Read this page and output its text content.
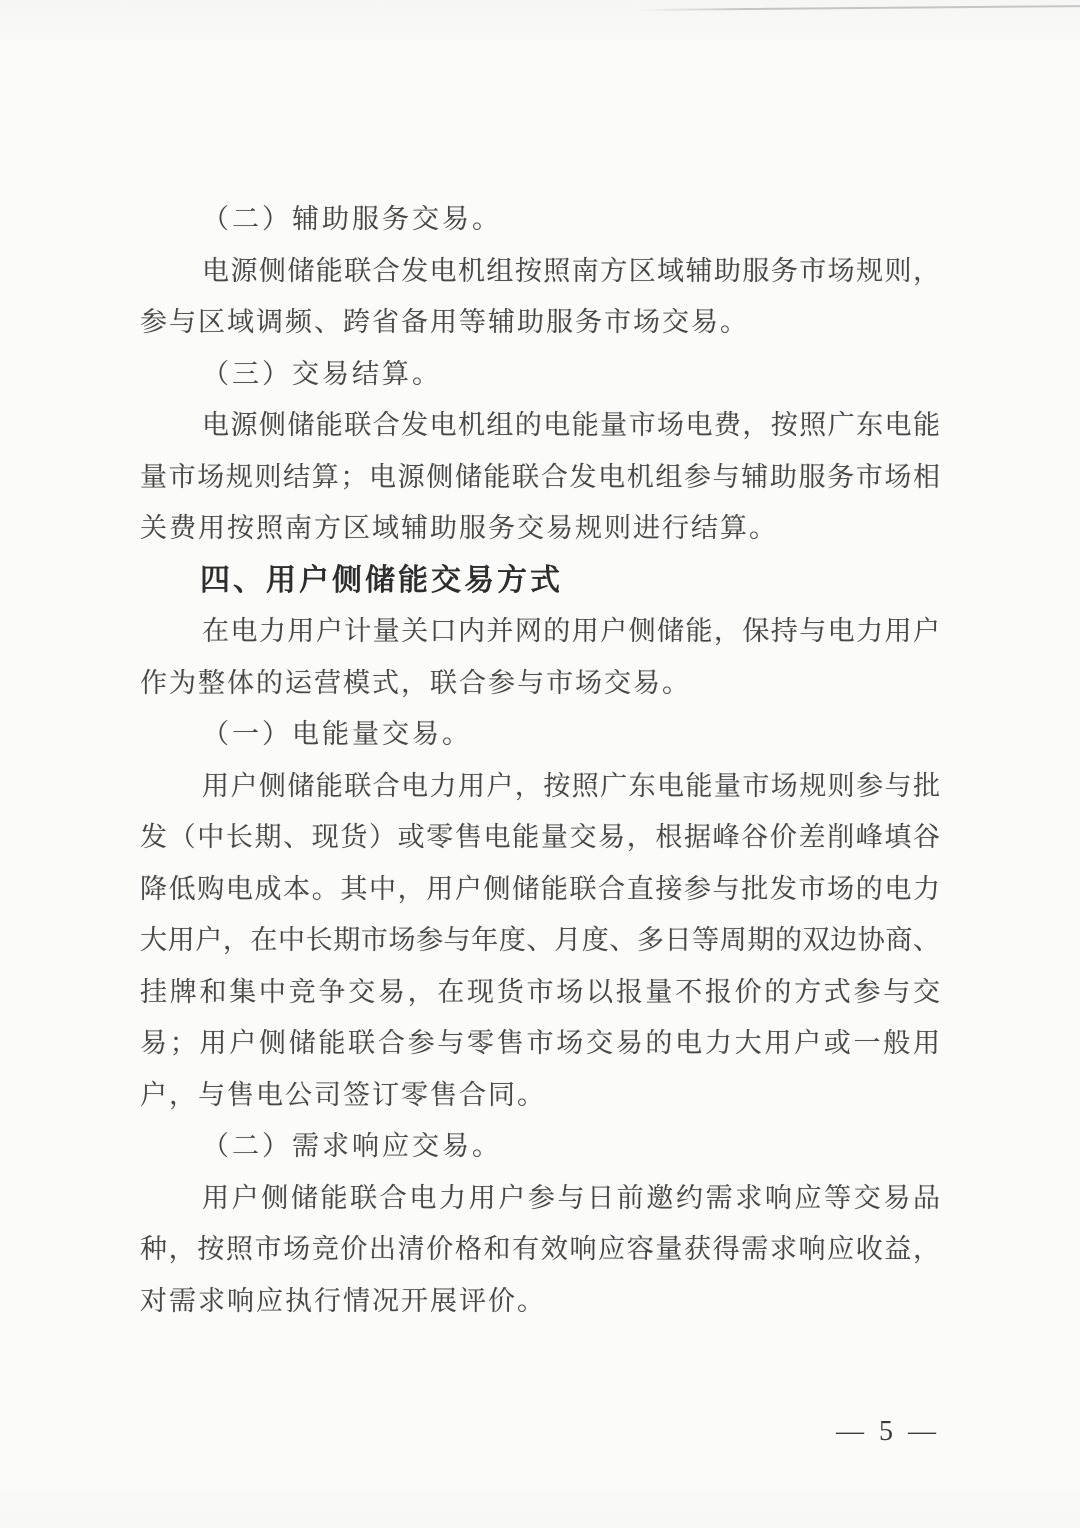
（二）辅助服务交易。
电源侧储能联合发电机组按照南方区域辅助服务市场规则，
参与区域调频、跨省备用等辅助服务市场交易。
（三）交易结算。
电源侧储能联合发电机组的电能量市场电费，按照广东电能
量市场规则结算；电源侧储能联合发电机组参与辅助服务市场相
关费用按照南方区域辅助服务交易规则进行结算。
四、用户侧储能交易方式
在电力用户计量关口内并网的用户侧储能，保持与电力用户
作为整体的运营模式，联合参与市场交易。
（一）电能量交易。
用户侧储能联合电力用户，按照广东电能量市场规则参与批
发（中长期、现货）或零售电能量交易，根据峰谷价差削峰填谷
降低购电成本。其中，用户侧储能联合直接参与批发市场的电力
大用户，在中长期市场参与年度、月度、多日等周期的双边协商、
挂牌和集中竞争交易，在现货市场以报量不报价的方式参与交
易；用户侧储能联合参与零售市场交易的电力大用户或一般用
户，与售电公司签订零售合同。
（二）需求响应交易。
用户侧储能联合电力用户参与日前邀约需求响应等交易品
种，按照市场竞价出清价格和有效响应容量获得需求响应收益，
对需求响应执行情况开展评价。
— 5 —
